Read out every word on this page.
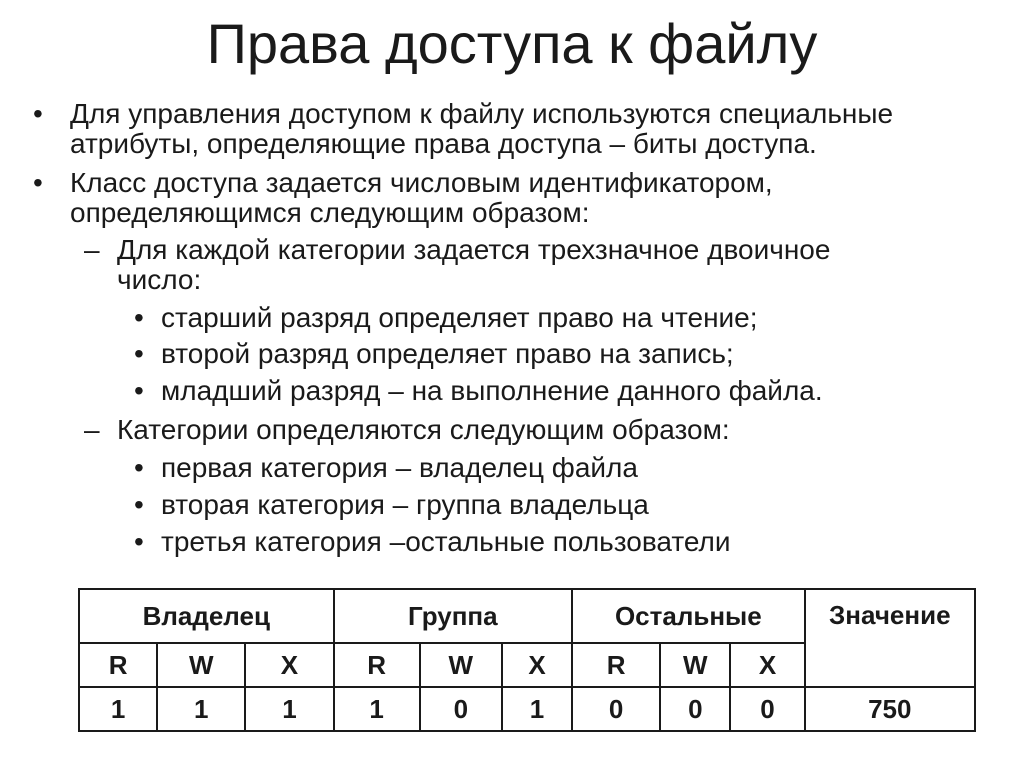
Права доступа к файлу
• Для управления доступом к файлу используются специальные
атрибуты, определяющие права доступа – биты доступа.
• Класс доступа задается числовым идентификатором,
определяющимся следующим образом:
– Для каждой категории задается трехзначное двоичное
число:
• старший разряд определяет право на чтение;
• второй разряд определяет право на запись;
• младший разряд – на выполнение данного файла.
– Категории определяются следующим образом:
• первая категория – владелец файла
• вторая категория – группа владельца
• третья категория –остальные пользователи
Владелец			Группа			Остальные			Значение
R	W	X	R	W	X	R	W	X	
1	1	1	1	0	1	0	0	0	750
